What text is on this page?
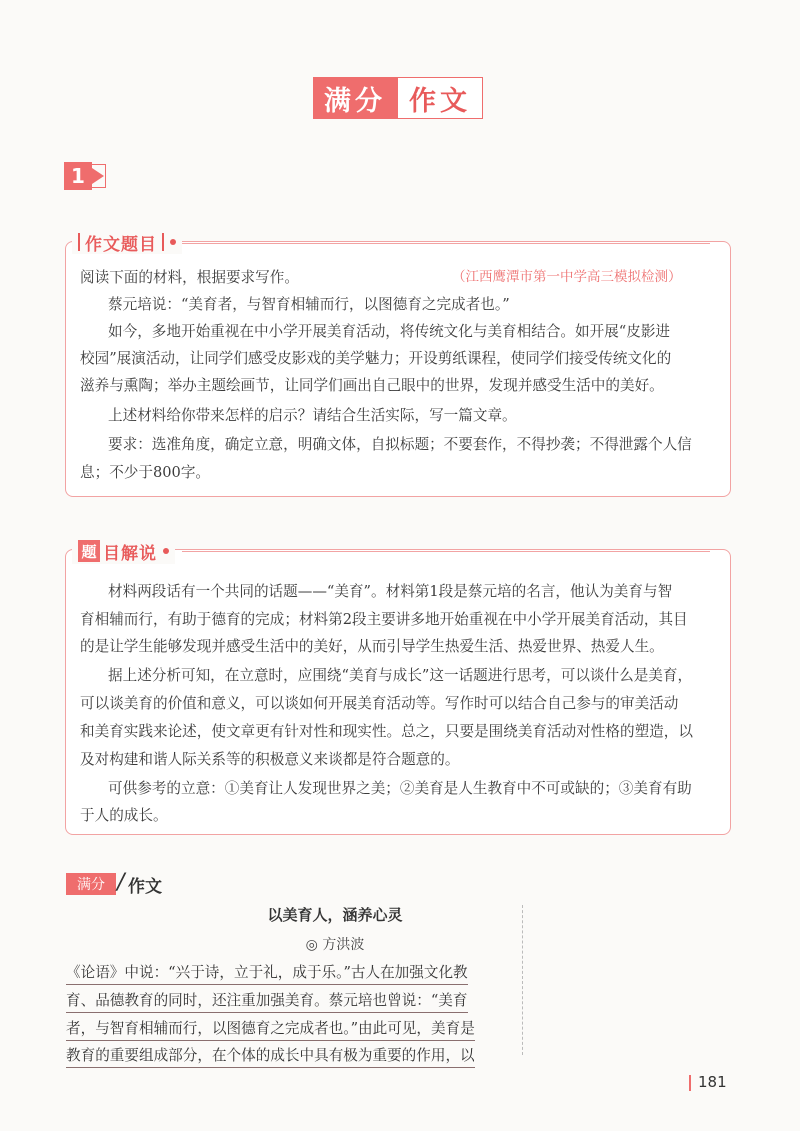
满分 作文
1
作文题目
阅读下面的材料，根据要求写作。	（江西鹰潭市第一中学高三模拟检测）
蔡元培说：“美育者，与智育相辅而行，以图德育之完成者也。”
如今，多地开始重视在中小学开展美育活动，将传统文化与美育相结合。如开展“皮影进
校园”展演活动，让同学们感受皮影戏的美学魅力；开设剪纸课程，使同学们接受传统文化的
滋养与熏陶；举办主题绘画节，让同学们画出自己眼中的世界，发现并感受生活中的美好。
上述材料给你带来怎样的启示？请结合生活实际，写一篇文章。
要求：选准角度，确定立意，明确文体，自拟标题；不要套作，不得抄袭；不得泄露个人信
息；不少于800字。
题 目解说
材料两段话有一个共同的话题——“美育”。材料第1段是蔡元培的名言，他认为美育与智
育相辅而行，有助于德育的完成；材料第2段主要讲多地开始重视在中小学开展美育活动，其目
的是让学生能够发现并感受生活中的美好，从而引导学生热爱生活、热爱世界、热爱人生。
据上述分析可知，在立意时，应围绕“美育与成长”这一话题进行思考，可以谈什么是美育，
可以谈美育的价值和意义，可以谈如何开展美育活动等。写作时可以结合自己参与的审美活动
和美育实践来论述，使文章更有针对性和现实性。总之，只要是围绕美育活动对性格的塑造，以
及对构建和谐人际关系等的积极意义来谈都是符合题意的。
可供参考的立意：①美育让人发现世界之美；②美育是人生教育中不可或缺的；③美育有助
于人的成长。
满分 / 作文
以美育人，涵养心灵
◎ 方洪波
《论语》中说：“兴于诗，立于礼，成于乐。”古人在加强文化教
育、品德教育的同时，还注重加强美育。蔡元培也曾说：“美育
者，与智育相辅而行，以图德育之完成者也。”由此可见，美育是
教育的重要组成部分，在个体的成长中具有极为重要的作用，以
181
